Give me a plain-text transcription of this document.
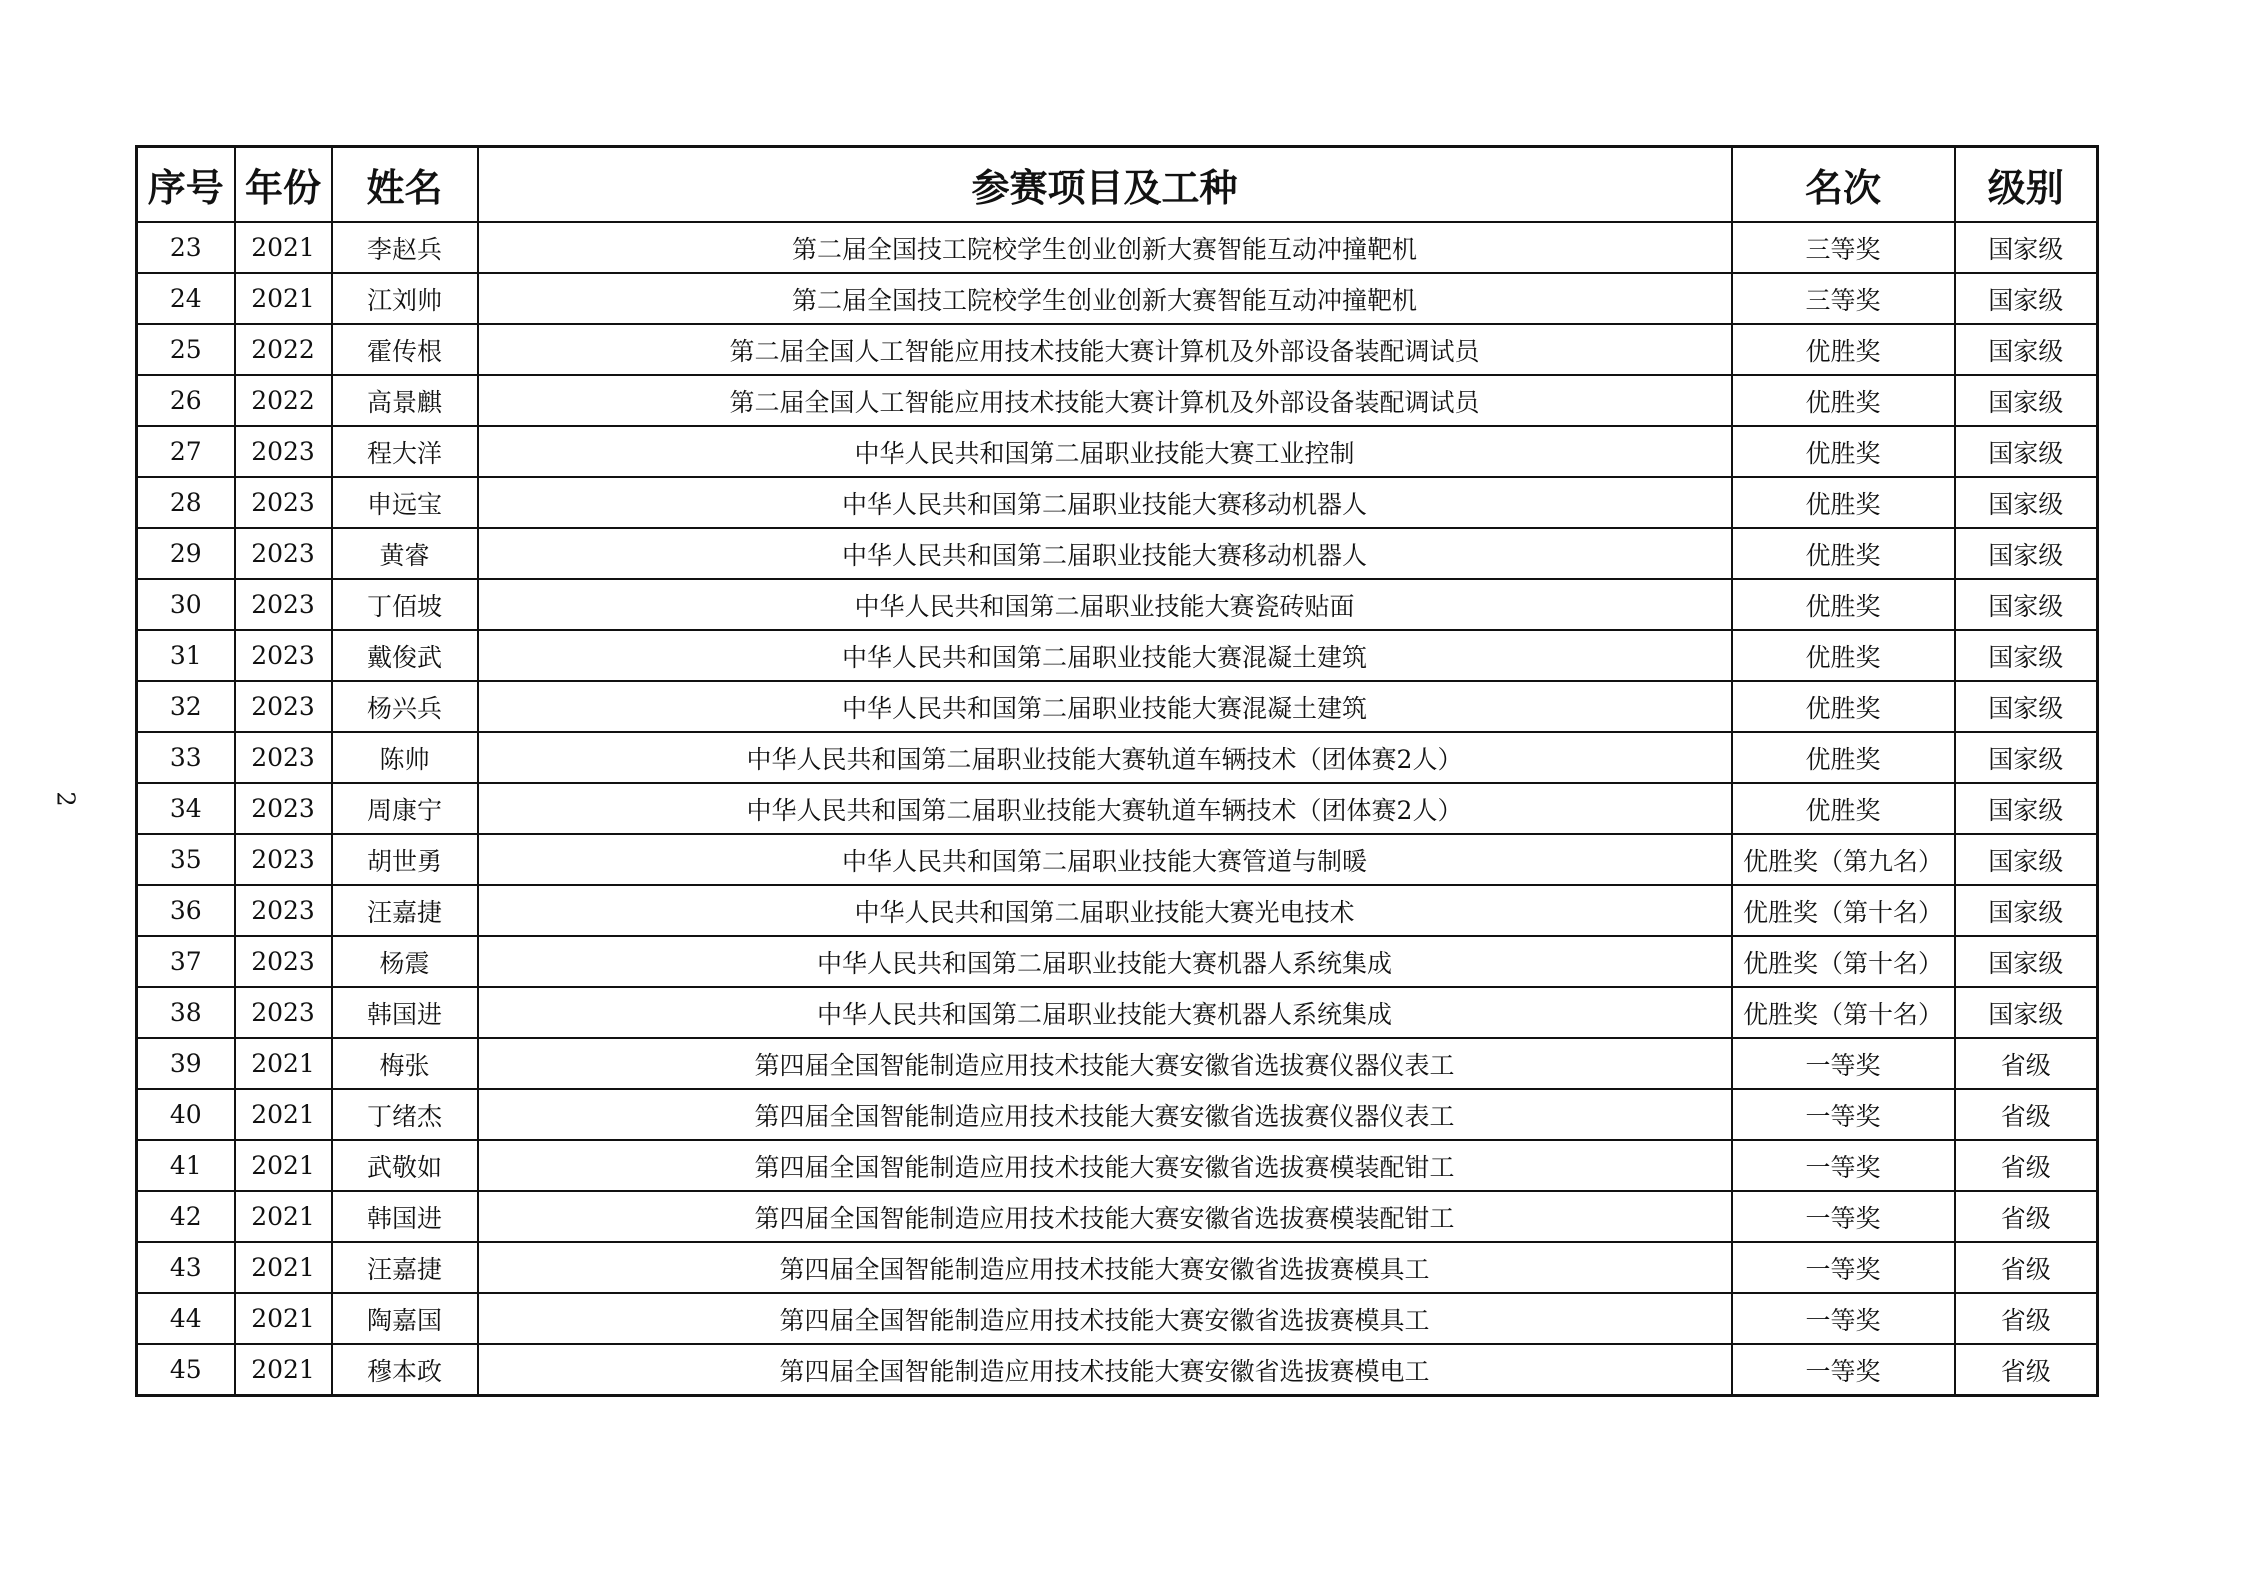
2
序号	年份	姓名	参赛项目及工种	名次	级别
23	2021	李赵兵	第二届全国技工院校学生创业创新大赛智能互动冲撞靶机	三等奖	国家级
24	2021	江刘帅	第二届全国技工院校学生创业创新大赛智能互动冲撞靶机	三等奖	国家级
25	2022	霍传根	第二届全国人工智能应用技术技能大赛计算机及外部设备装配调试员	优胜奖	国家级
26	2022	高景麒	第二届全国人工智能应用技术技能大赛计算机及外部设备装配调试员	优胜奖	国家级
27	2023	程大洋	中华人民共和国第二届职业技能大赛工业控制	优胜奖	国家级
28	2023	申远宝	中华人民共和国第二届职业技能大赛移动机器人	优胜奖	国家级
29	2023	黄睿	中华人民共和国第二届职业技能大赛移动机器人	优胜奖	国家级
30	2023	丁佰坡	中华人民共和国第二届职业技能大赛瓷砖贴面	优胜奖	国家级
31	2023	戴俊武	中华人民共和国第二届职业技能大赛混凝土建筑	优胜奖	国家级
32	2023	杨兴兵	中华人民共和国第二届职业技能大赛混凝土建筑	优胜奖	国家级
33	2023	陈帅	中华人民共和国第二届职业技能大赛轨道车辆技术（团体赛2人）	优胜奖	国家级
34	2023	周康宁	中华人民共和国第二届职业技能大赛轨道车辆技术（团体赛2人）	优胜奖	国家级
35	2023	胡世勇	中华人民共和国第二届职业技能大赛管道与制暖	优胜奖（第九名）	国家级
36	2023	汪嘉捷	中华人民共和国第二届职业技能大赛光电技术	优胜奖（第十名）	国家级
37	2023	杨震	中华人民共和国第二届职业技能大赛机器人系统集成	优胜奖（第十名）	国家级
38	2023	韩国进	中华人民共和国第二届职业技能大赛机器人系统集成	优胜奖（第十名）	国家级
39	2021	梅张	第四届全国智能制造应用技术技能大赛安徽省选拔赛仪器仪表工	一等奖	省级
40	2021	丁绪杰	第四届全国智能制造应用技术技能大赛安徽省选拔赛仪器仪表工	一等奖	省级
41	2021	武敬如	第四届全国智能制造应用技术技能大赛安徽省选拔赛模装配钳工	一等奖	省级
42	2021	韩国进	第四届全国智能制造应用技术技能大赛安徽省选拔赛模装配钳工	一等奖	省级
43	2021	汪嘉捷	第四届全国智能制造应用技术技能大赛安徽省选拔赛模具工	一等奖	省级
44	2021	陶嘉国	第四届全国智能制造应用技术技能大赛安徽省选拔赛模具工	一等奖	省级
45	2021	穆本政	第四届全国智能制造应用技术技能大赛安徽省选拔赛模电工	一等奖	省级
